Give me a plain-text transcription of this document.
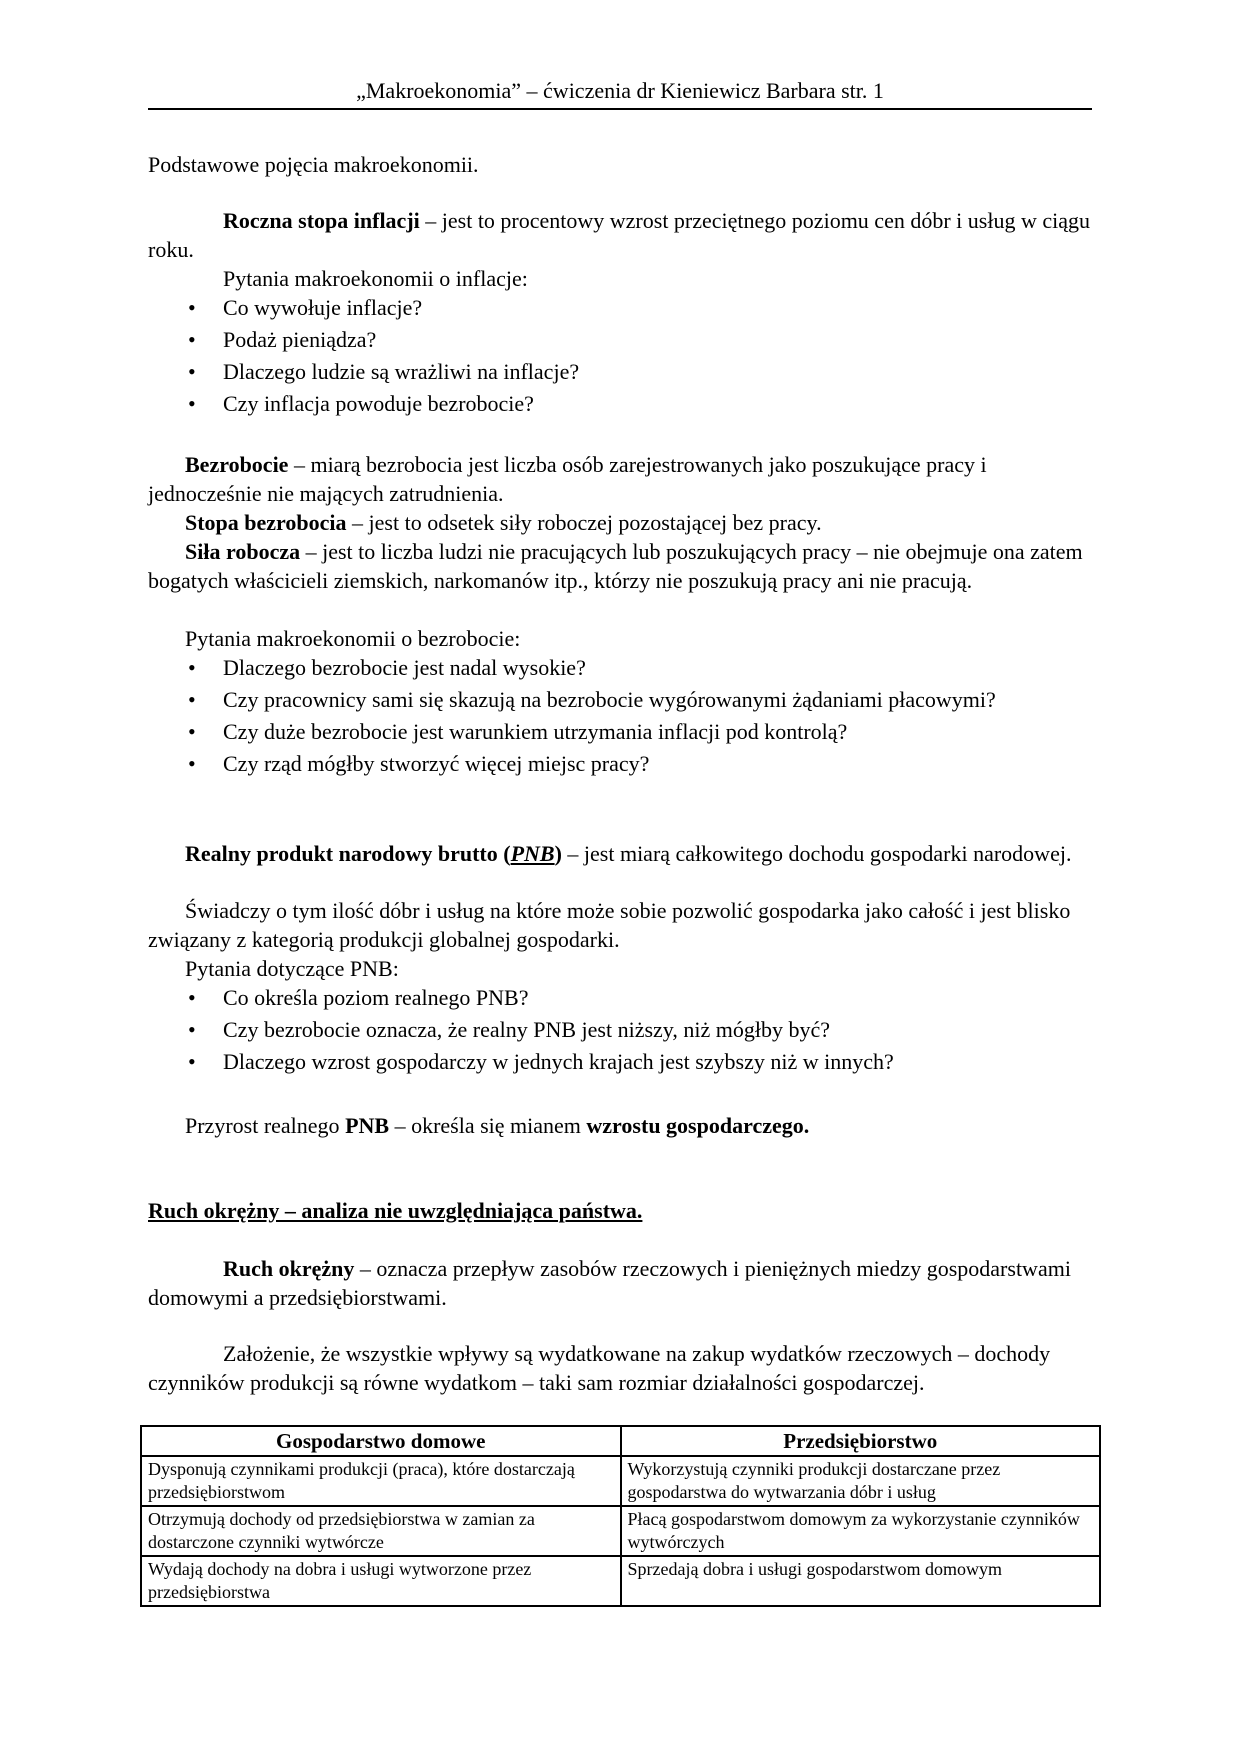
„Makroekonomia” – ćwiczenia dr Kieniewicz Barbara str. 1

Podstawowe pojęcia makroekonomii.

Roczna stopa inflacji – jest to procentowy wzrost przeciętnego poziomu cen dóbr i usług w ciągu roku.

Pytania makroekonomii o inflacje:

• Co wywołuje inflacje?
• Podaż pieniądza?
• Dlaczego ludzie są wrażliwi na inflacje?
• Czy inflacja powoduje bezrobocie?

Bezrobocie – miarą bezrobocia jest liczba osób zarejestrowanych jako poszukujące pracy i jednocześnie nie mających zatrudnienia.

Stopa bezrobocia – jest to odsetek siły roboczej pozostającej bez pracy.

Siła robocza – jest to liczba ludzi nie pracujących lub poszukujących pracy – nie obejmuje ona zatem bogatych właścicieli ziemskich, narkomanów itp., którzy nie poszukują pracy ani nie pracują.

Pytania makroekonomii o bezrobocie:

• Dlaczego bezrobocie jest nadal wysokie?
• Czy pracownicy sami się skazują na bezrobocie wygórowanymi żądaniami płacowymi?
• Czy duże bezrobocie jest warunkiem utrzymania inflacji pod kontrolą?
• Czy rząd mógłby stworzyć więcej miejsc pracy?

Realny produkt narodowy brutto (PNB) – jest miarą całkowitego dochodu gospodarki narodowej.

Świadczy o tym ilość dóbr i usług na które może sobie pozwolić gospodarka jako całość i jest blisko związany z kategorią produkcji globalnej gospodarki.

Pytania dotyczące PNB:

• Co określa poziom realnego PNB?
• Czy bezrobocie oznacza, że realny PNB jest niższy, niż mógłby być?
• Dlaczego wzrost gospodarczy w jednych krajach jest szybszy niż w innych?

Przyrost realnego PNB – określa się mianem wzrostu gospodarczego.

Ruch okrężny – analiza nie uwzględniająca państwa.

Ruch okrężny – oznacza przepływ zasobów rzeczowych i pieniężnych miedzy gospodarstwami domowymi a przedsiębiorstwami.

Założenie, że wszystkie wpływy są wydatkowane na zakup wydatków rzeczowych – dochody czynników produkcji są równe wydatkom – taki sam rozmiar działalności gospodarczej.

Gospodarstwo domowe	Przedsiębiorstwo
Dysponują czynnikami produkcji (praca), które dostarczają przedsiębiorstwom	Wykorzystują czynniki produkcji dostarczane przez gospodarstwa do wytwarzania dóbr i usług
Otrzymują dochody od przedsiębiorstwa w zamian za dostarczone czynniki wytwórcze	Płacą gospodarstwom domowym za wykorzystanie czynników wytwórczych
Wydają dochody na dobra i usługi wytworzone przez przedsiębiorstwa	Sprzedają dobra i usługi gospodarstwom domowym
